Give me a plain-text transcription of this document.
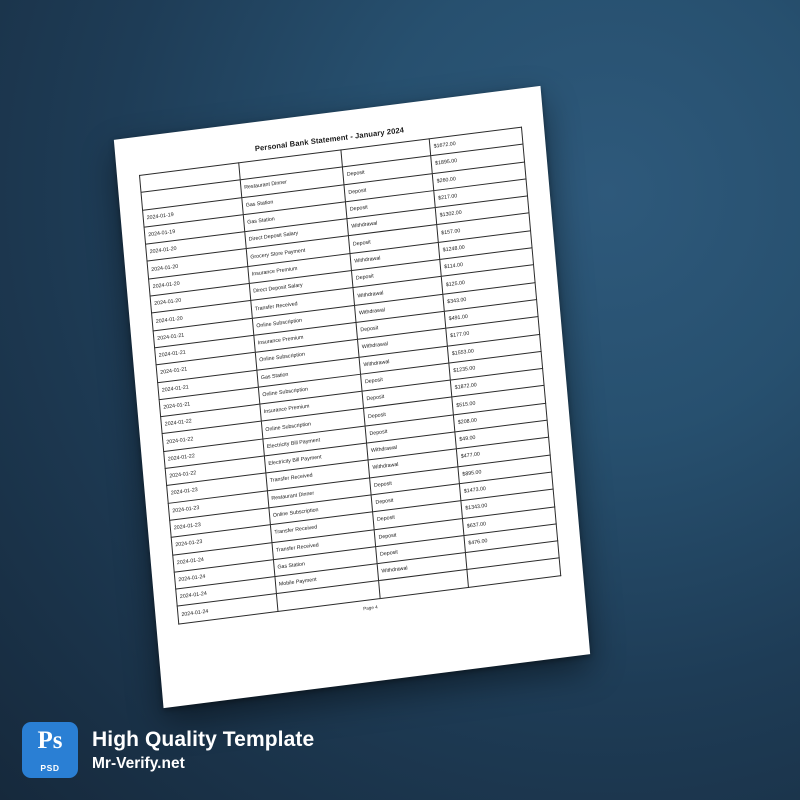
Personal Bank Statement - January 2024

			$1672.00

	Restaurant Dinner	Deposit	$1895.00

2024-01-19	Gas Station	Deposit	$260.00

2024-01-19	Gas Station	Deposit	$217.00

2024-01-20	Direct Deposit Salary	Withdrawal	$1302.00

2024-01-20	Grocery Store Payment	Deposit	$157.00

2024-01-20	Insurance Premium	Withdrawal	$1248.00

2024-01-20	Direct Deposit Salary	Deposit	$114.00

2024-01-20	Transfer Received	Withdrawal	$125.00

2024-01-21	Online Subscription	Withdrawal	$343.00

2024-01-21	Insurance Premium	Deposit	$491.00

2024-01-21	Online Subscription	Withdrawal	$177.00

2024-01-21	Gas Station	Withdrawal	$1553.00

2024-01-21	Online Subscription	Deposit	$1235.00

2024-01-22	Insurance Premium	Deposit	$1872.00

2024-01-22	Online Subscription	Deposit	$515.00

2024-01-22	Electricity Bill Payment	Deposit	$208.00

2024-01-22	Electricity Bill Payment	Withdrawal	$49.00

2024-01-23	Transfer Received	Withdrawal	$477.00

2024-01-23	Restaurant Dinner	Deposit	$895.00

2024-01-23	Online Subscription	Deposit	$1473.00

2024-01-23	Transfer Received	Deposit	$1343.00

2024-01-24	Transfer Received	Deposit	$637.00

2024-01-24	Gas Station	Deposit	$476.00

2024-01-24	Mobile Payment	Withdrawal	

2024-01-24			

Page 4
Ps
PSD
High Quality Template
Mr-Verify.net
